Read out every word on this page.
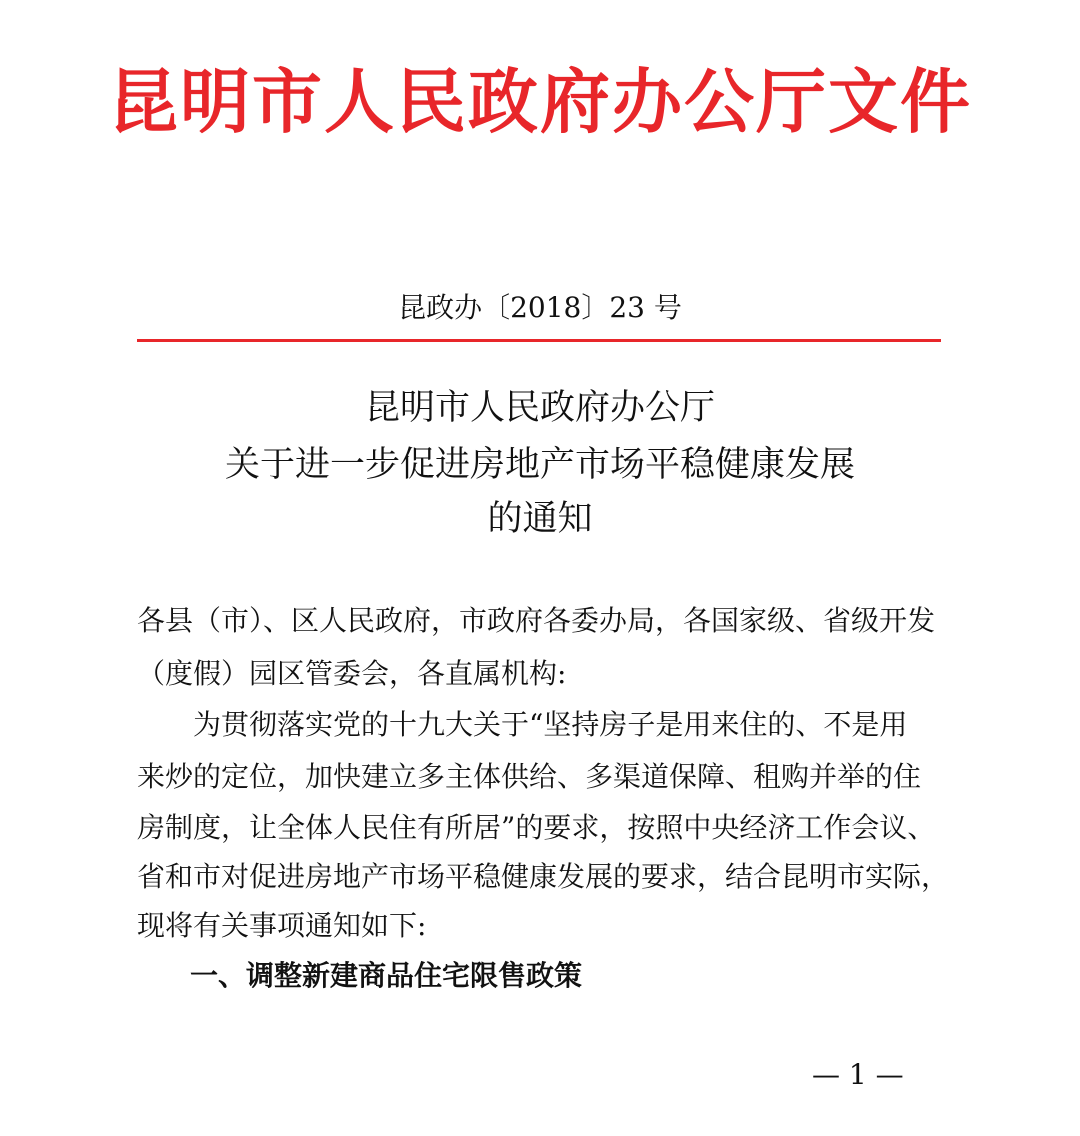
昆明市人民政府办公厅文件
昆政办〔2018〕23 号
昆明市人民政府办公厅
关于进一步促进房地产市场平稳健康发展
的通知
各县（市）、区人民政府，市政府各委办局，各国家级、省级开发
（度假）园区管委会，各直属机构:
为贯彻落实党的十九大关于“坚持房子是用来住的、不是用
来炒的定位，加快建立多主体供给、多渠道保障、租购并举的住
房制度，让全体人民住有所居”的要求，按照中央经济工作会议、
省和市对促进房地产市场平稳健康发展的要求，结合昆明市实际，
现将有关事项通知如下:
一、调整新建商品住宅限售政策
— 1 —
